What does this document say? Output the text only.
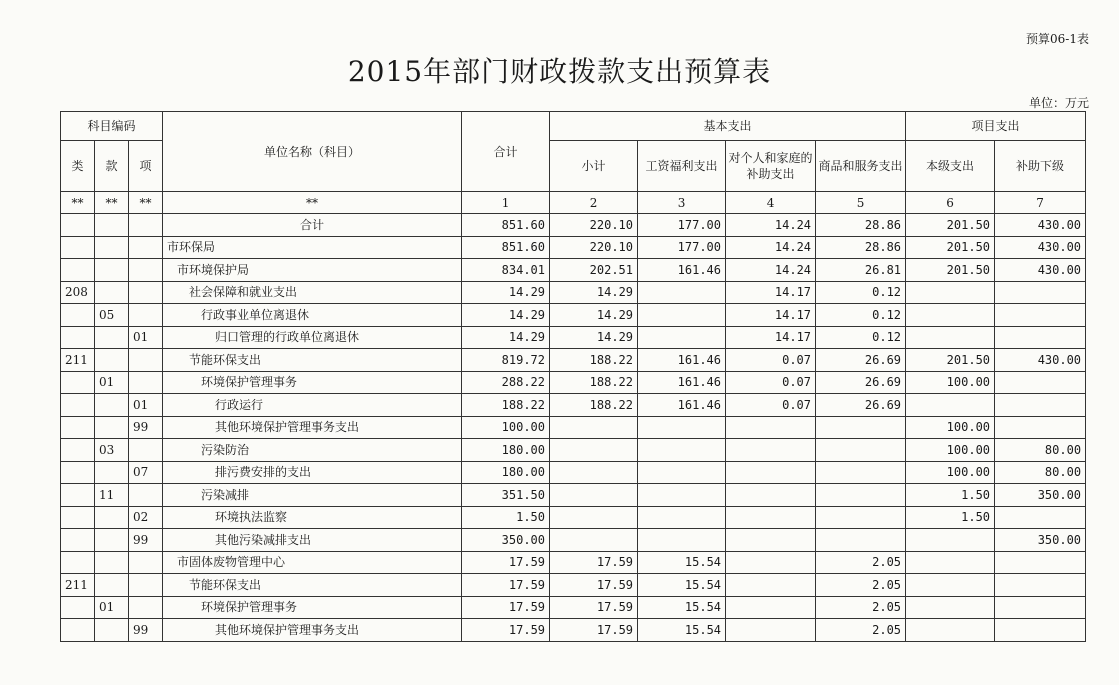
预算06-1表
2015年部门财政拨款支出预算表
单位：万元
科目编码			单位名称（科目）	合计	基本支出				项目支出	
类	款	项			小计	工资福利支出	对个人和家庭的补助支出	商品和服务支出	本级支出	补助下级
**	**	**	**	1	2	3	4	5	6	7
			合计	851.60	220.10	177.00	14.24	28.86	201.50	430.00
			市环保局	851.60	220.10	177.00	14.24	28.86	201.50	430.00
			市环境保护局	834.01	202.51	161.46	14.24	26.81	201.50	430.00
208			社会保障和就业支出	14.29	14.29		14.17	0.12		
	05		行政事业单位离退休	14.29	14.29		14.17	0.12		
		01	归口管理的行政单位离退休	14.29	14.29		14.17	0.12		
211			节能环保支出	819.72	188.22	161.46	0.07	26.69	201.50	430.00
	01		环境保护管理事务	288.22	188.22	161.46	0.07	26.69	100.00	
		01	行政运行	188.22	188.22	161.46	0.07	26.69		
		99	其他环境保护管理事务支出	100.00					100.00	
	03		污染防治	180.00					100.00	80.00
		07	排污费安排的支出	180.00					100.00	80.00
	11		污染减排	351.50					1.50	350.00
		02	环境执法监察	1.50					1.50	
		99	其他污染减排支出	350.00						350.00
			市固体废物管理中心	17.59	17.59	15.54		2.05		
211			节能环保支出	17.59	17.59	15.54		2.05		
	01		环境保护管理事务	17.59	17.59	15.54		2.05		
		99	其他环境保护管理事务支出	17.59	17.59	15.54		2.05		
